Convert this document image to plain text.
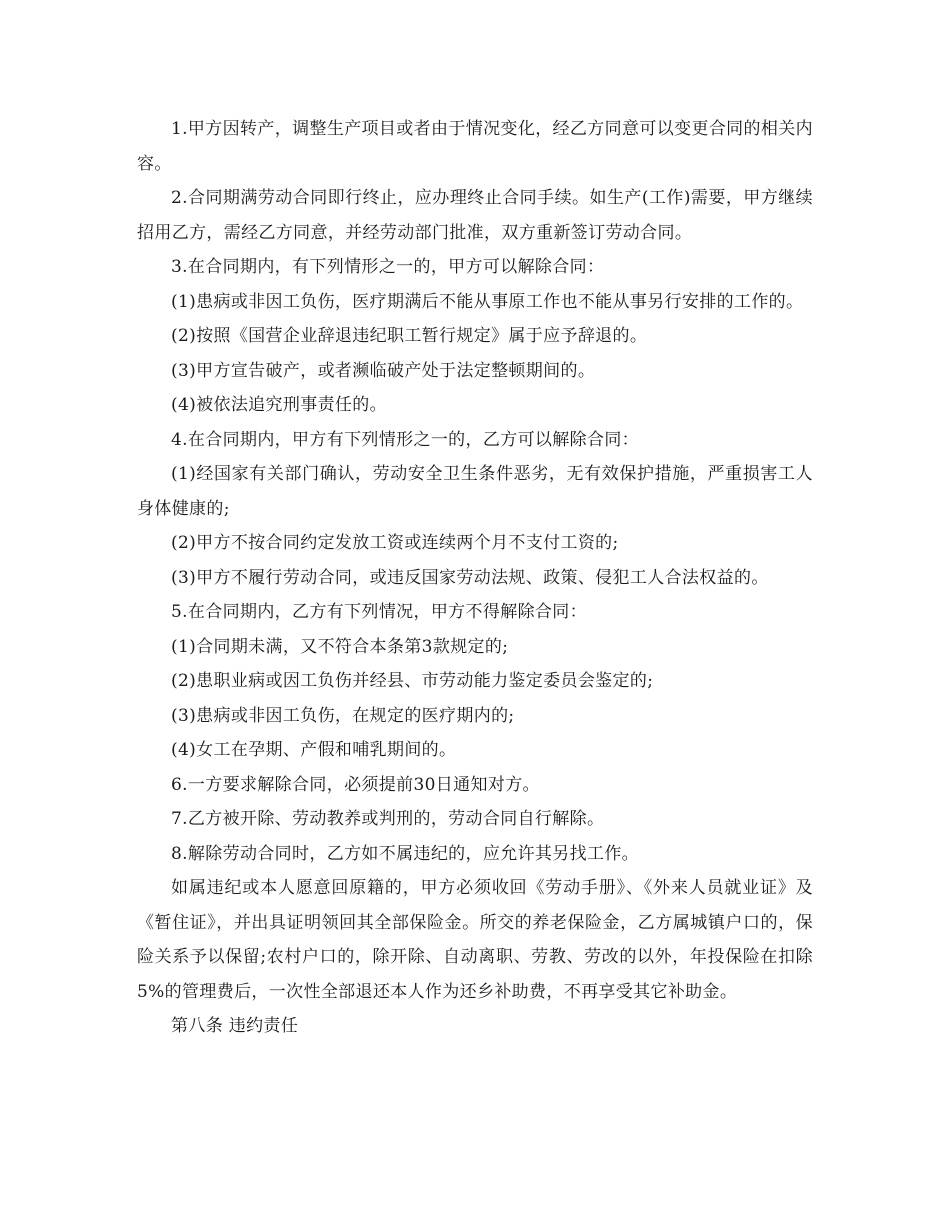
1.甲方因转产，调整生产项目或者由于情况变化，经乙方同意可以变更合同的相关内容。

2.合同期满劳动合同即行终止，应办理终止合同手续。如生产(工作)需要，甲方继续招用乙方，需经乙方同意，并经劳动部门批准，双方重新签订劳动合同。

3.在合同期内，有下列情形之一的，甲方可以解除合同：

(1)患病或非因工负伤，医疗期满后不能从事原工作也不能从事另行安排的工作的。

(2)按照《国营企业辞退违纪职工暂行规定》属于应予辞退的。

(3)甲方宣告破产，或者濒临破产处于法定整顿期间的。

(4)被依法追究刑事责任的。

4.在合同期内，甲方有下列情形之一的，乙方可以解除合同：

(1)经国家有关部门确认，劳动安全卫生条件恶劣，无有效保护措施，严重损害工人身体健康的;

(2)甲方不按合同约定发放工资或连续两个月不支付工资的;

(3)甲方不履行劳动合同，或违反国家劳动法规、政策、侵犯工人合法权益的。

5.在合同期内，乙方有下列情况，甲方不得解除合同：

(1)合同期未满，又不符合本条第3款规定的;

(2)患职业病或因工负伤并经县、市劳动能力鉴定委员会鉴定的;

(3)患病或非因工负伤，在规定的医疗期内的;

(4)女工在孕期、产假和哺乳期间的。

6.一方要求解除合同，必须提前30日通知对方。

7.乙方被开除、劳动教养或判刑的，劳动合同自行解除。

8.解除劳动合同时，乙方如不属违纪的，应允许其另找工作。

如属违纪或本人愿意回原籍的，甲方必须收回《劳动手册》、《外来人员就业证》及《暂住证》，并出具证明领回其全部保险金。所交的养老保险金，乙方属城镇户口的，保险关系予以保留;农村户口的，除开除、自动离职、劳教、劳改的以外，年投保险在扣除5%的管理费后，一次性全部退还本人作为还乡补助费，不再享受其它补助金。

第八条 违约责任
